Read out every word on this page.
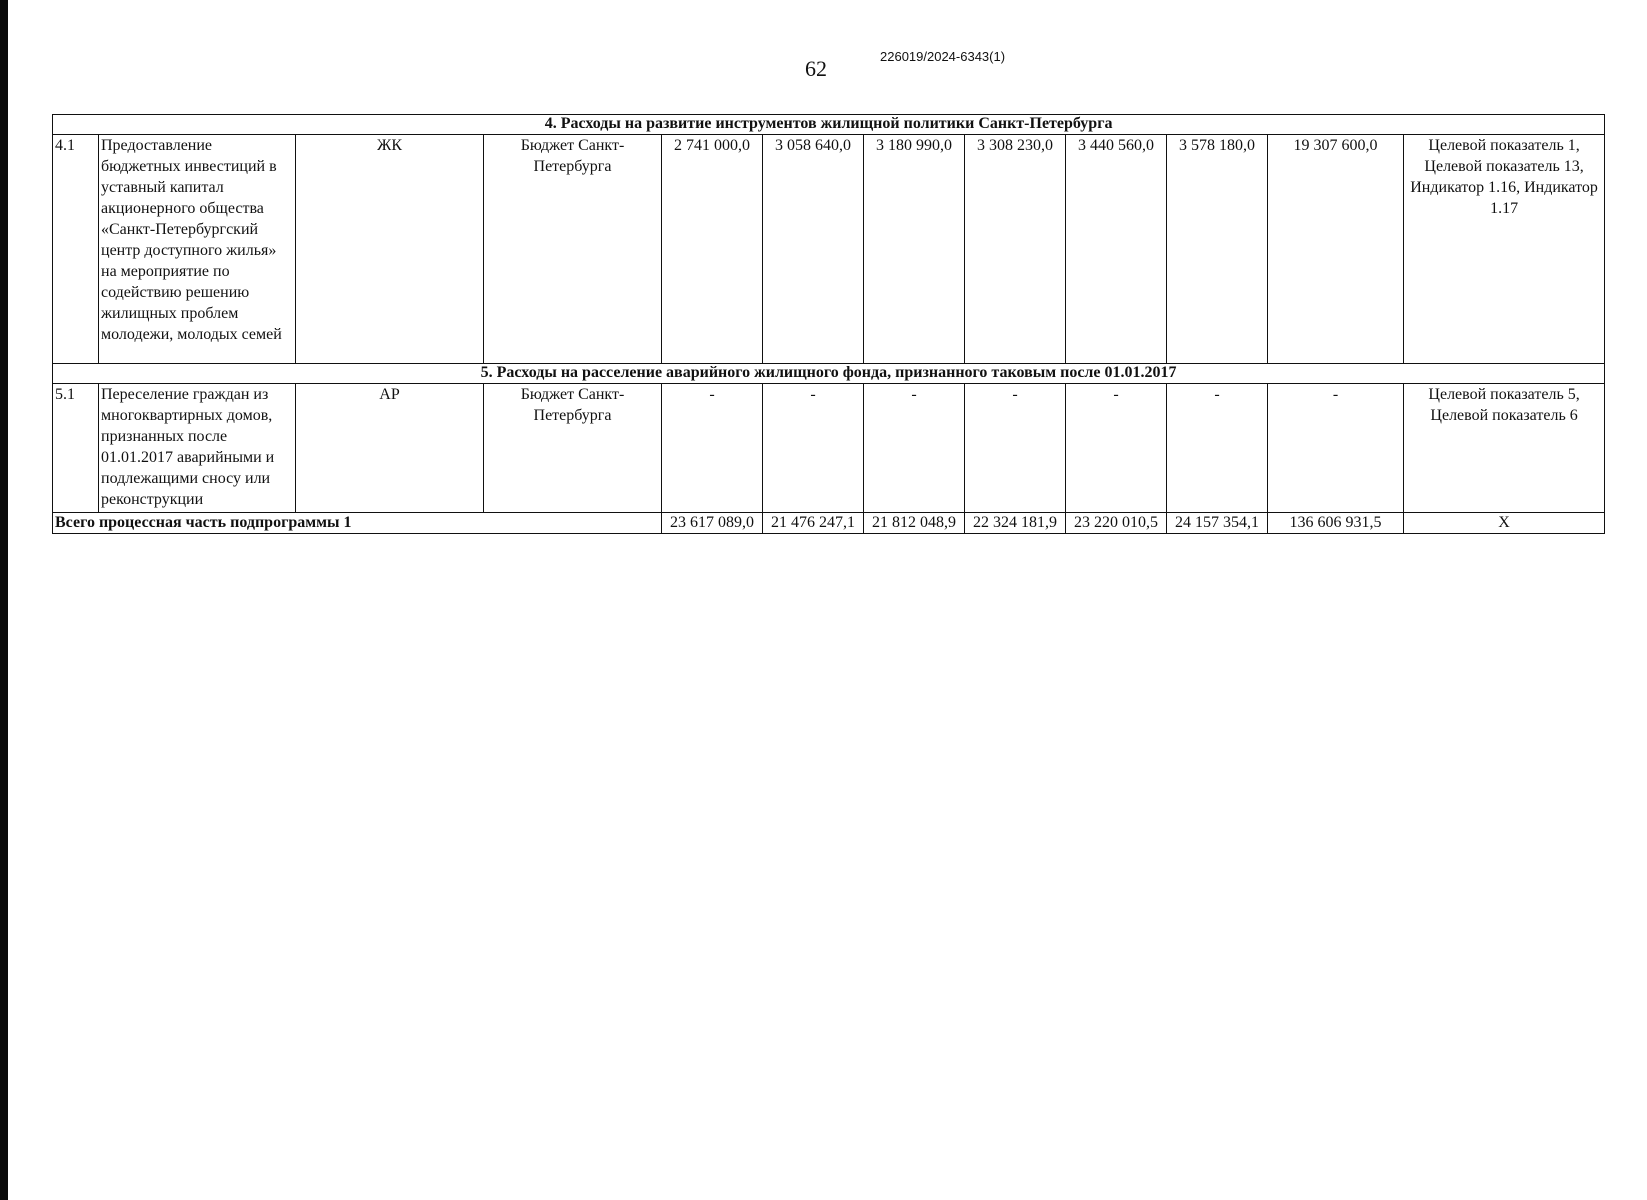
62	226019/2024-6343(1)
4. Расходы на развитие инструментов жилищной политики Санкт-Петербурга											
4.1	Предоставление бюджетных инвестиций в уставный капитал акционерного общества «Санкт-Петербургский центр доступного жилья» на мероприятие по содействию решению жилищных проблем молодежи, молодых семей	ЖК	Бюджет Санкт-Петербурга	2 741 000,0	3 058 640,0	3 180 990,0	3 308 230,0	3 440 560,0	3 578 180,0	19 307 600,0	Целевой показатель 1, Целевой показатель 13, Индикатор 1.16, Индикатор 1.17
5. Расходы на расселение аварийного жилищного фонда, признанного таковым после 01.01.2017											
5.1	Переселение граждан из многоквартирных домов, признанных после 01.01.2017 аварийными и подлежащими сносу или реконструкции	АР	Бюджет Санкт-Петербурга	-	-	-	-	-	-	-	Целевой показатель 5, Целевой показатель 6
Всего процессная часть подпрограммы 1				23 617 089,0	21 476 247,1	21 812 048,9	22 324 181,9	23 220 010,5	24 157 354,1	136 606 931,5	X
